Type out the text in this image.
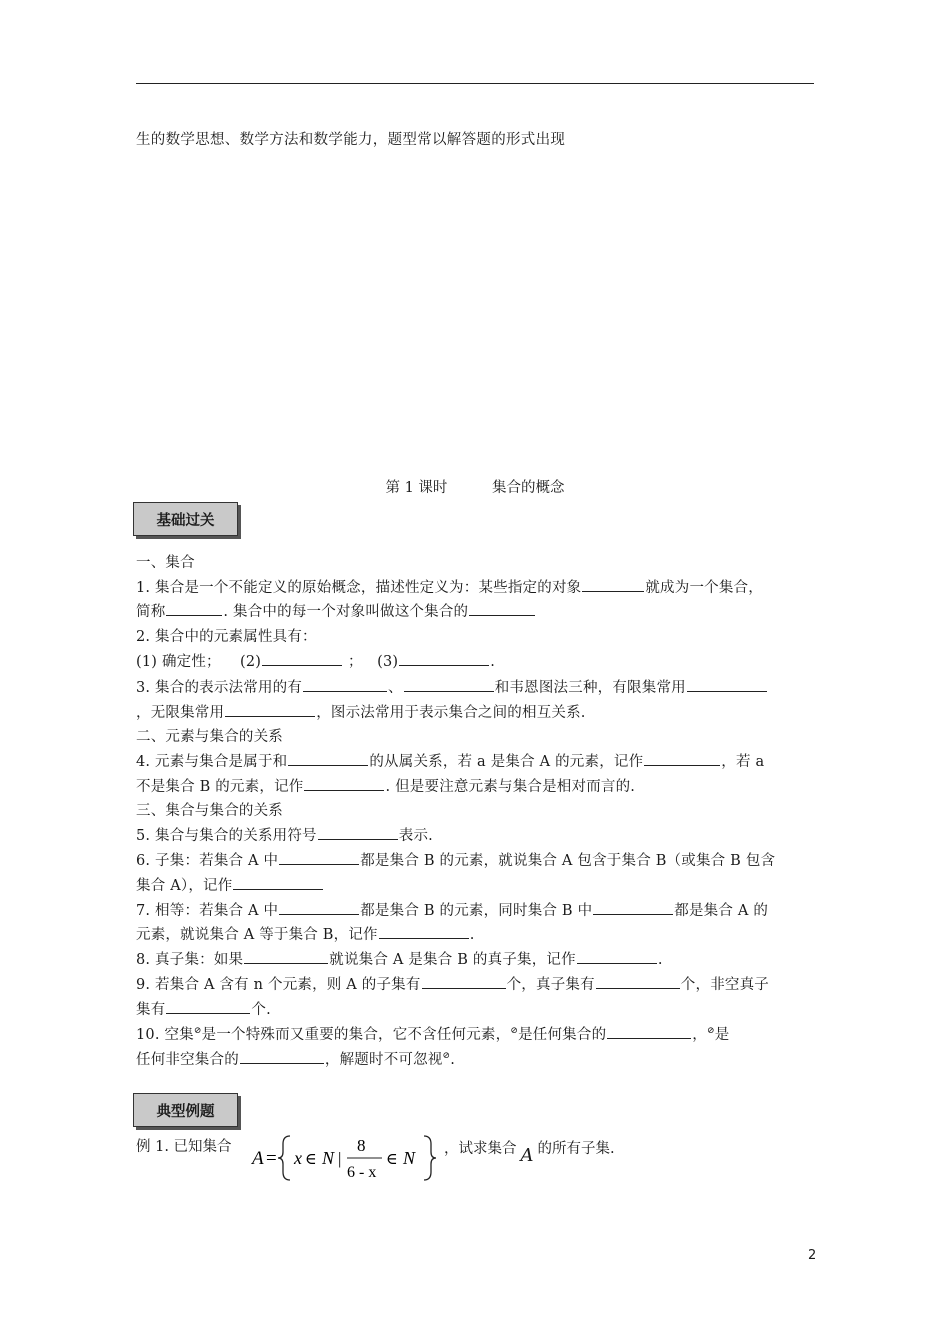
生的数学思想、数学方法和数学能力，题型常以解答题的形式出现
第 1 课时	集合的概念
基础过关
一、集合
1. 集合是一个不能定义的原始概念，描述性定义为：某些指定的对象	就成为一个集合，
简称	. 集合中的每一个对象叫做这个集合的
2. 集合中的元素属性具有：
(1) 确定性； (2)	； (3)	.
3. 集合的表示法常用的有	、	和韦恩图法三种，有限集常用
，无限集常用	，图示法常用于表示集合之间的相互关系.
二、元素与集合的关系
4. 元素与集合是属于和	的从属关系，若 a 是集合 A 的元素，记作	，若 a
不是集合 B 的元素，记作	. 但是要注意元素与集合是相对而言的.
三、集合与集合的关系
5. 集合与集合的关系用符号	表示.
6. 子集：若集合 A 中	都是集合 B 的元素，就说集合 A 包含于集合 B（或集合 B 包含
集合 A），记作
7. 相等：若集合 A 中	都是集合 B 的元素，同时集合 B 中	都是集合 A 的
元素，就说集合 A 等于集合 B，记作	.
8. 真子集：如果	就说集合 A 是集合 B 的真子集，记作	.
9. 若集合 A 含有 n 个元素，则 A 的子集有	个，真子集有	个，非空真子
集有	个.
10. 空集⊘是一个特殊而又重要的集合，它不含任何元素，⊘是任何集合的	，⊘是
任何非空集合的	，解题时不可忽视⊘.
典型例题
例 1. 已知集合
A = x ∈ N |
8
6 - x
∈ N ，试求集合 A 的所有子集.
2
